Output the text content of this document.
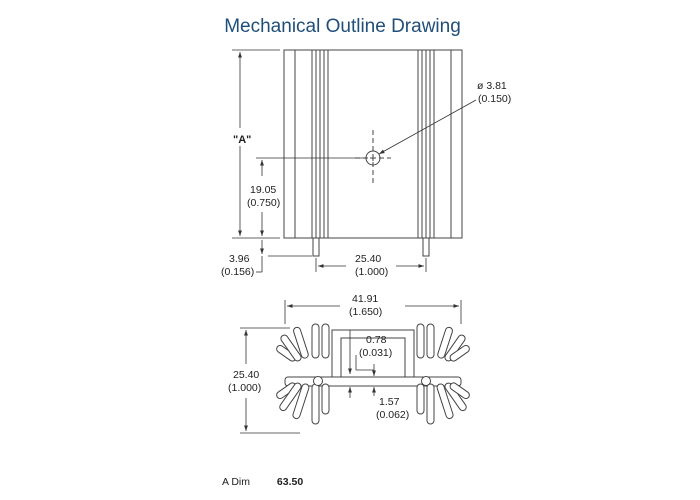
Mechanical Outline Drawing
"A"
ø 3.81
(0.150)
19.05
(0.750)
3.96
(0.156)
25.40
(1.000)
41.91
(1.650)
25.40
(1.000)
0.78
(0.031)
1.57
(0.062)
A Dim	63.50
